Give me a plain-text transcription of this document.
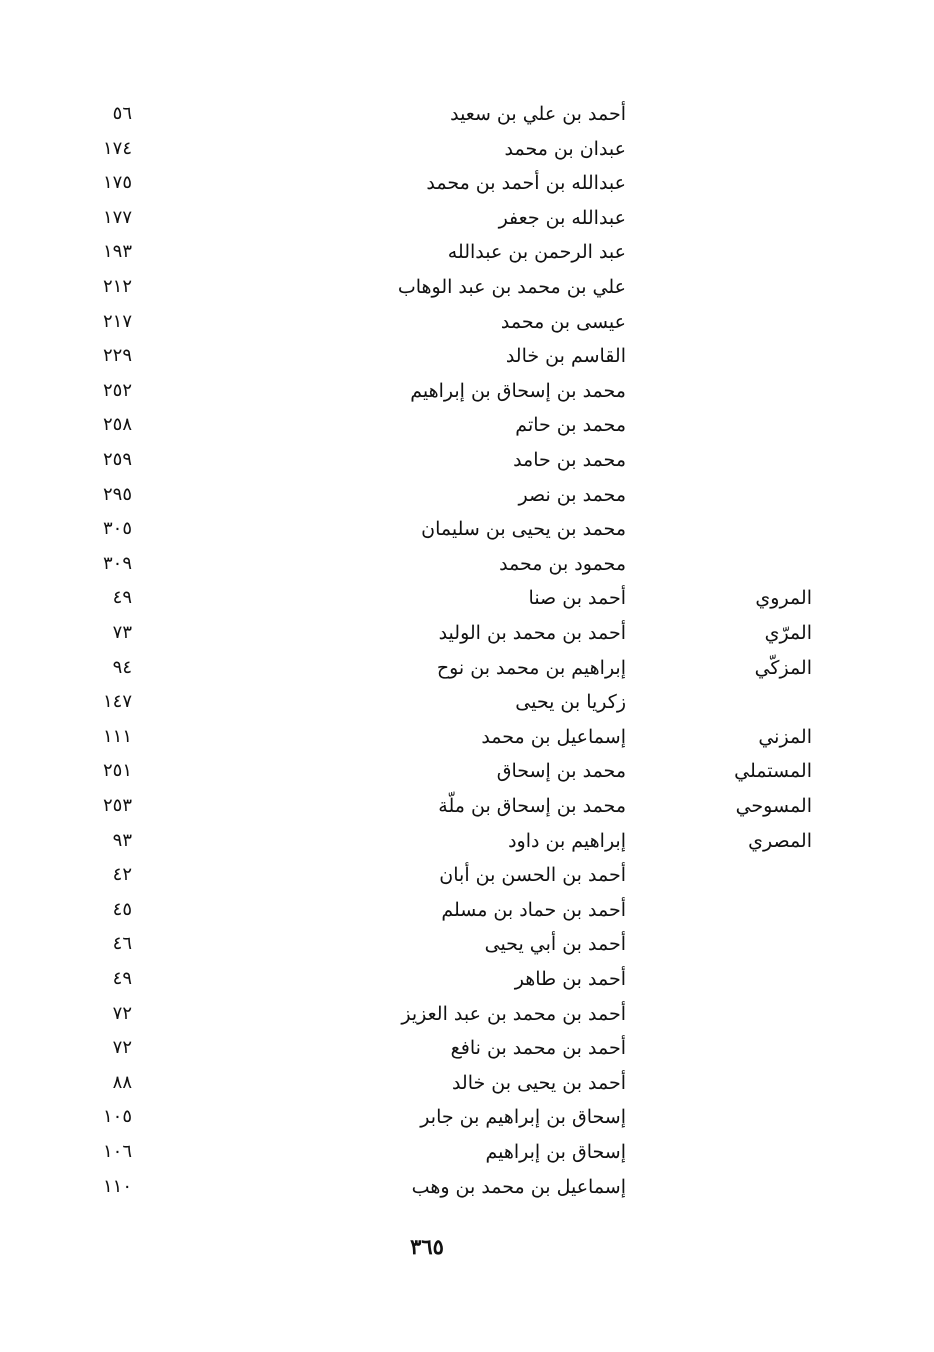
أحمد بن علي بن سعيد
٥٦
عبدان بن محمد
١٧٤
عبدالله بن أحمد بن محمد
١٧٥
عبدالله بن جعفر
١٧٧
عبد الرحمن بن عبدالله
١٩٣
علي بن محمد بن عبد الوهاب
٢١٢
عيسى بن محمد
٢١٧
القاسم بن خالد
٢٢٩
محمد بن إسحاق بن إبراهيم
٢٥٢
محمد بن حاتم
٢٥٨
محمد بن حامد
٢٥٩
محمد بن نصر
٢٩٥
محمد بن يحيى بن سليمان
٣٠٥
محمود بن محمد
٣٠٩
المروي
أحمد بن صنا
٤٩
المرّي
أحمد بن محمد بن الوليد
٧٣
المزكّي
إبراهيم بن محمد بن نوح
٩٤
زكريا بن يحيى
١٤٧
المزني
إسماعيل بن محمد
١١١
المستملي
محمد بن إسحاق
٢٥١
المسوحي
محمد بن إسحاق بن ملّة
٢٥٣
المصري
إبراهيم بن داود
٩٣
أحمد بن الحسن بن أبان
٤٢
أحمد بن حماد بن مسلم
٤٥
أحمد بن أبي يحيى
٤٦
أحمد بن طاهر
٤٩
أحمد بن محمد بن عبد العزيز
٧٢
أحمد بن محمد بن نافع
٧٢
أحمد بن يحيى بن خالد
٨٨
إسحاق بن إبراهيم بن جابر
١٠٥
إسحاق بن إبراهيم
١٠٦
إسماعيل بن محمد بن وهب
١١٠
٣٦٥
